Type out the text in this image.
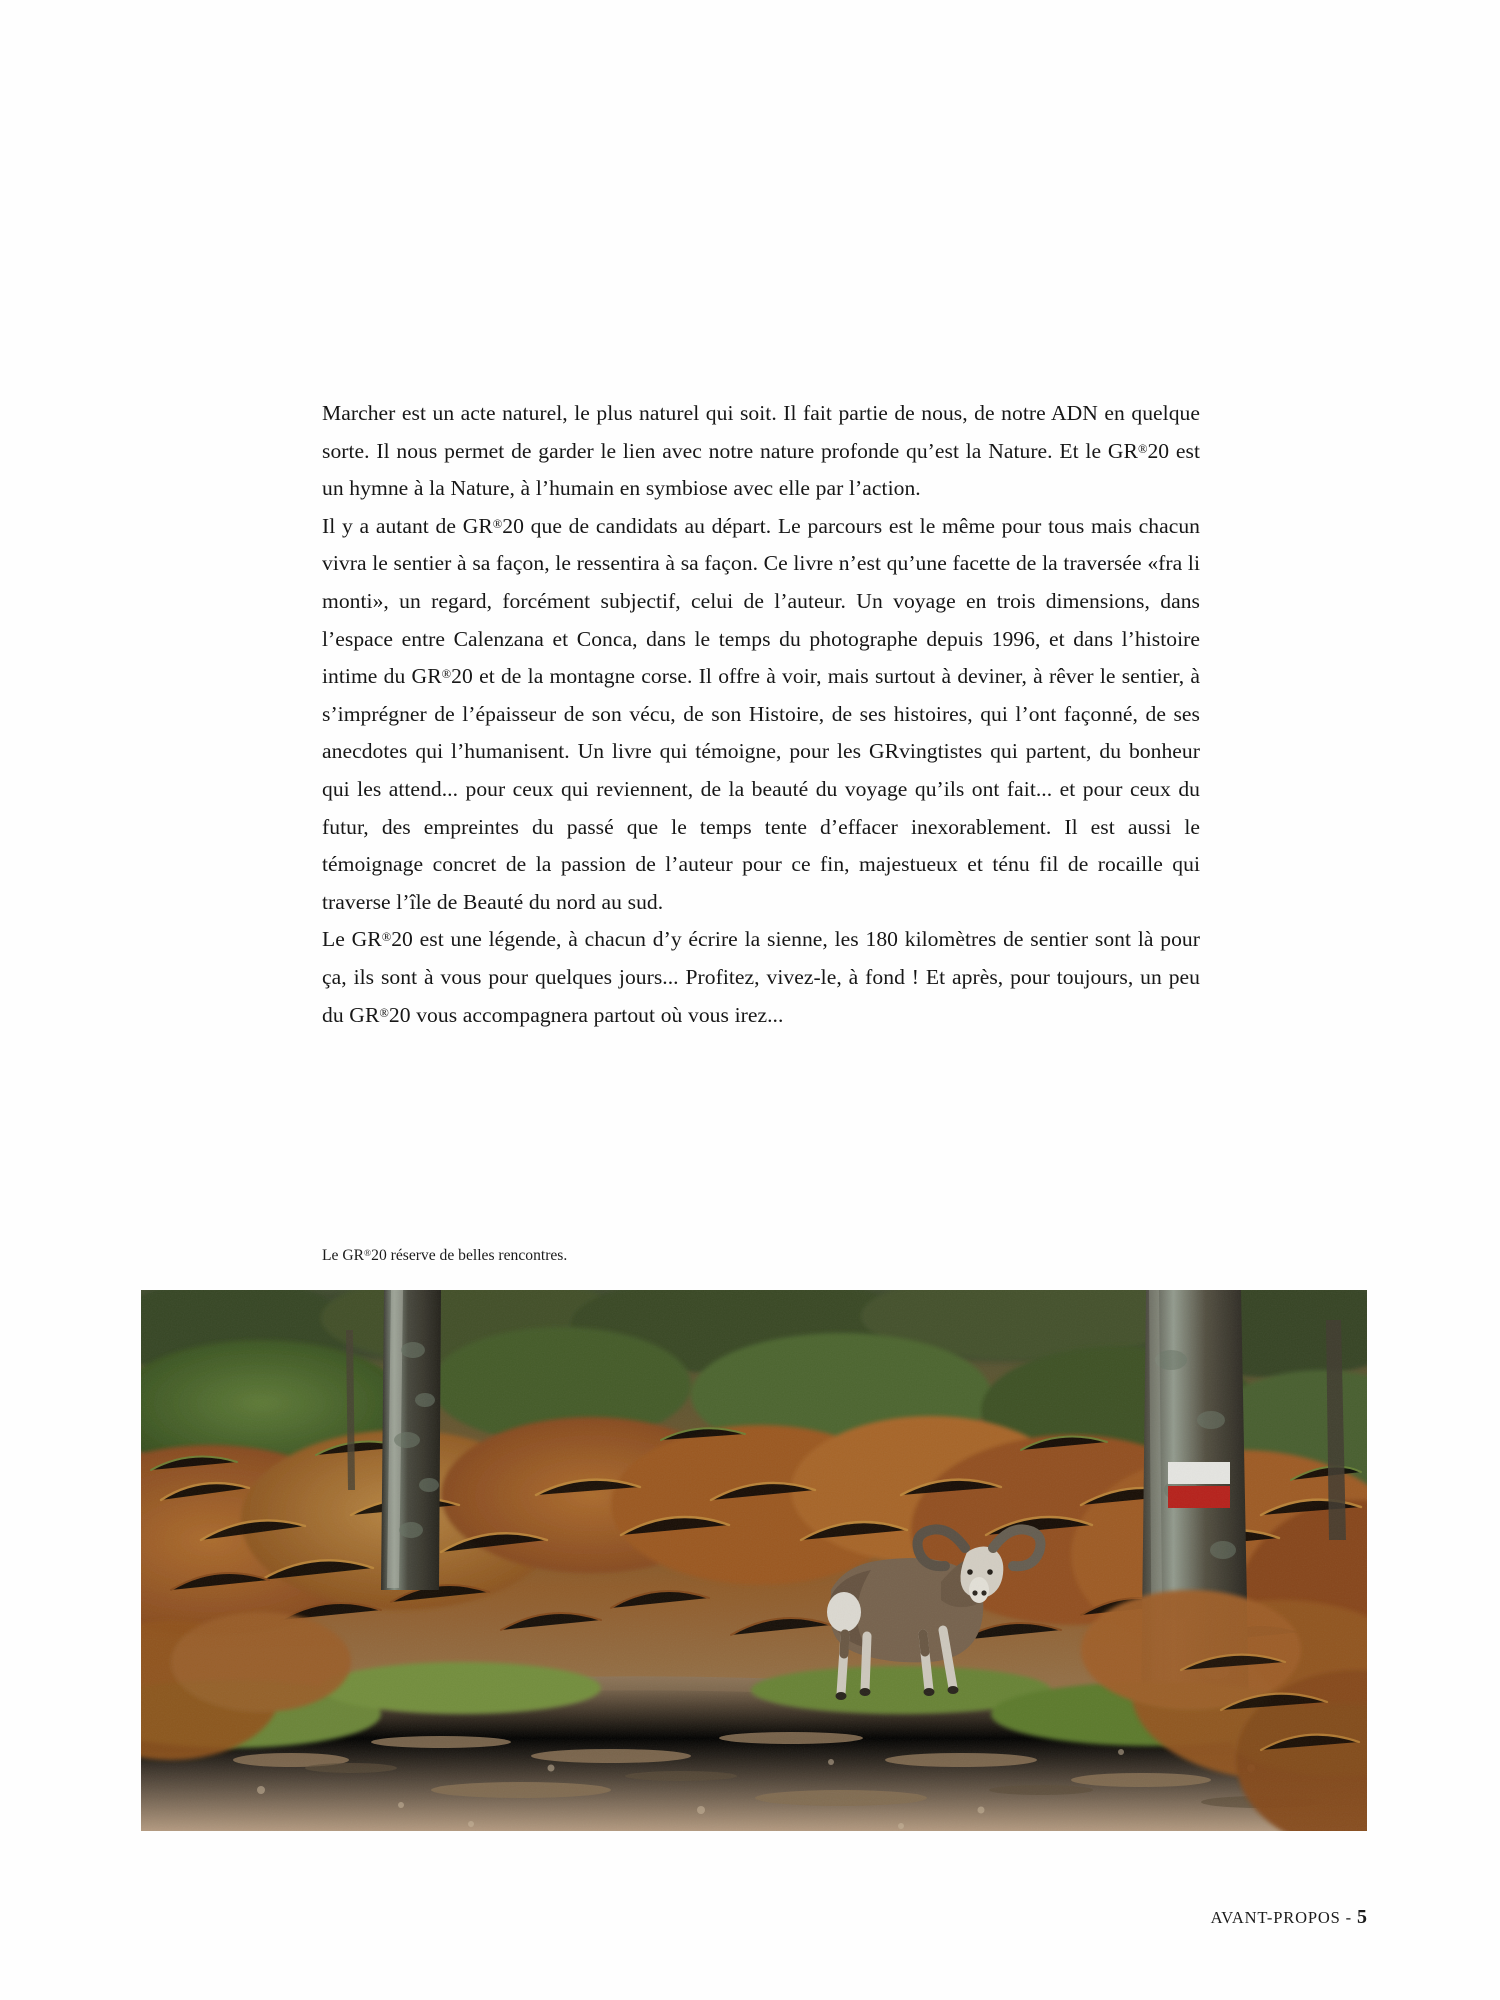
Marcher est un acte naturel, le plus naturel qui soit. Il fait partie de nous, de notre ADN en quelque sorte. Il nous permet de garder le lien avec notre nature profonde qu’est la Nature. Et le GR®20 est un hymne à la Nature, à l’humain en symbiose avec elle par l’action.

Il y a autant de GR®20 que de candidats au départ. Le parcours est le même pour tous mais chacun vivra le sentier à sa façon, le ressentira à sa façon. Ce livre n’est qu’une facette de la traversée «fra li monti», un regard, forcément subjectif, celui de l’auteur. Un voyage en trois dimensions, dans l’espace entre Calenzana et Conca, dans le temps du photographe depuis 1996, et dans l’histoire intime du GR®20 et de la montagne corse. Il offre à voir, mais surtout à deviner, à rêver le sentier, à s’imprégner de l’épaisseur de son vécu, de son Histoire, de ses histoires, qui l’ont façonné, de ses anecdotes qui l’humanisent. Un livre qui témoigne, pour les GRvingtistes qui partent, du bonheur qui les attend... pour ceux qui reviennent, de la beauté du voyage qu’ils ont fait... et pour ceux du futur, des empreintes du passé que le temps tente d’effacer inexorablement. Il est aussi le témoignage concret de la passion de l’auteur pour ce fin, majestueux et ténu fil de rocaille qui traverse l’île de Beauté du nord au sud.

Le GR®20 est une légende, à chacun d’y écrire la sienne, les 180 kilomètres de sentier sont là pour ça, ils sont à vous pour quelques jours... Profitez, vivez-le, à fond ! Et après, pour toujours, un peu du GR®20 vous accompagnera partout où vous irez...

Le GR®20 réserve de belles rencontres.
AVANT-PROPOS - 5
